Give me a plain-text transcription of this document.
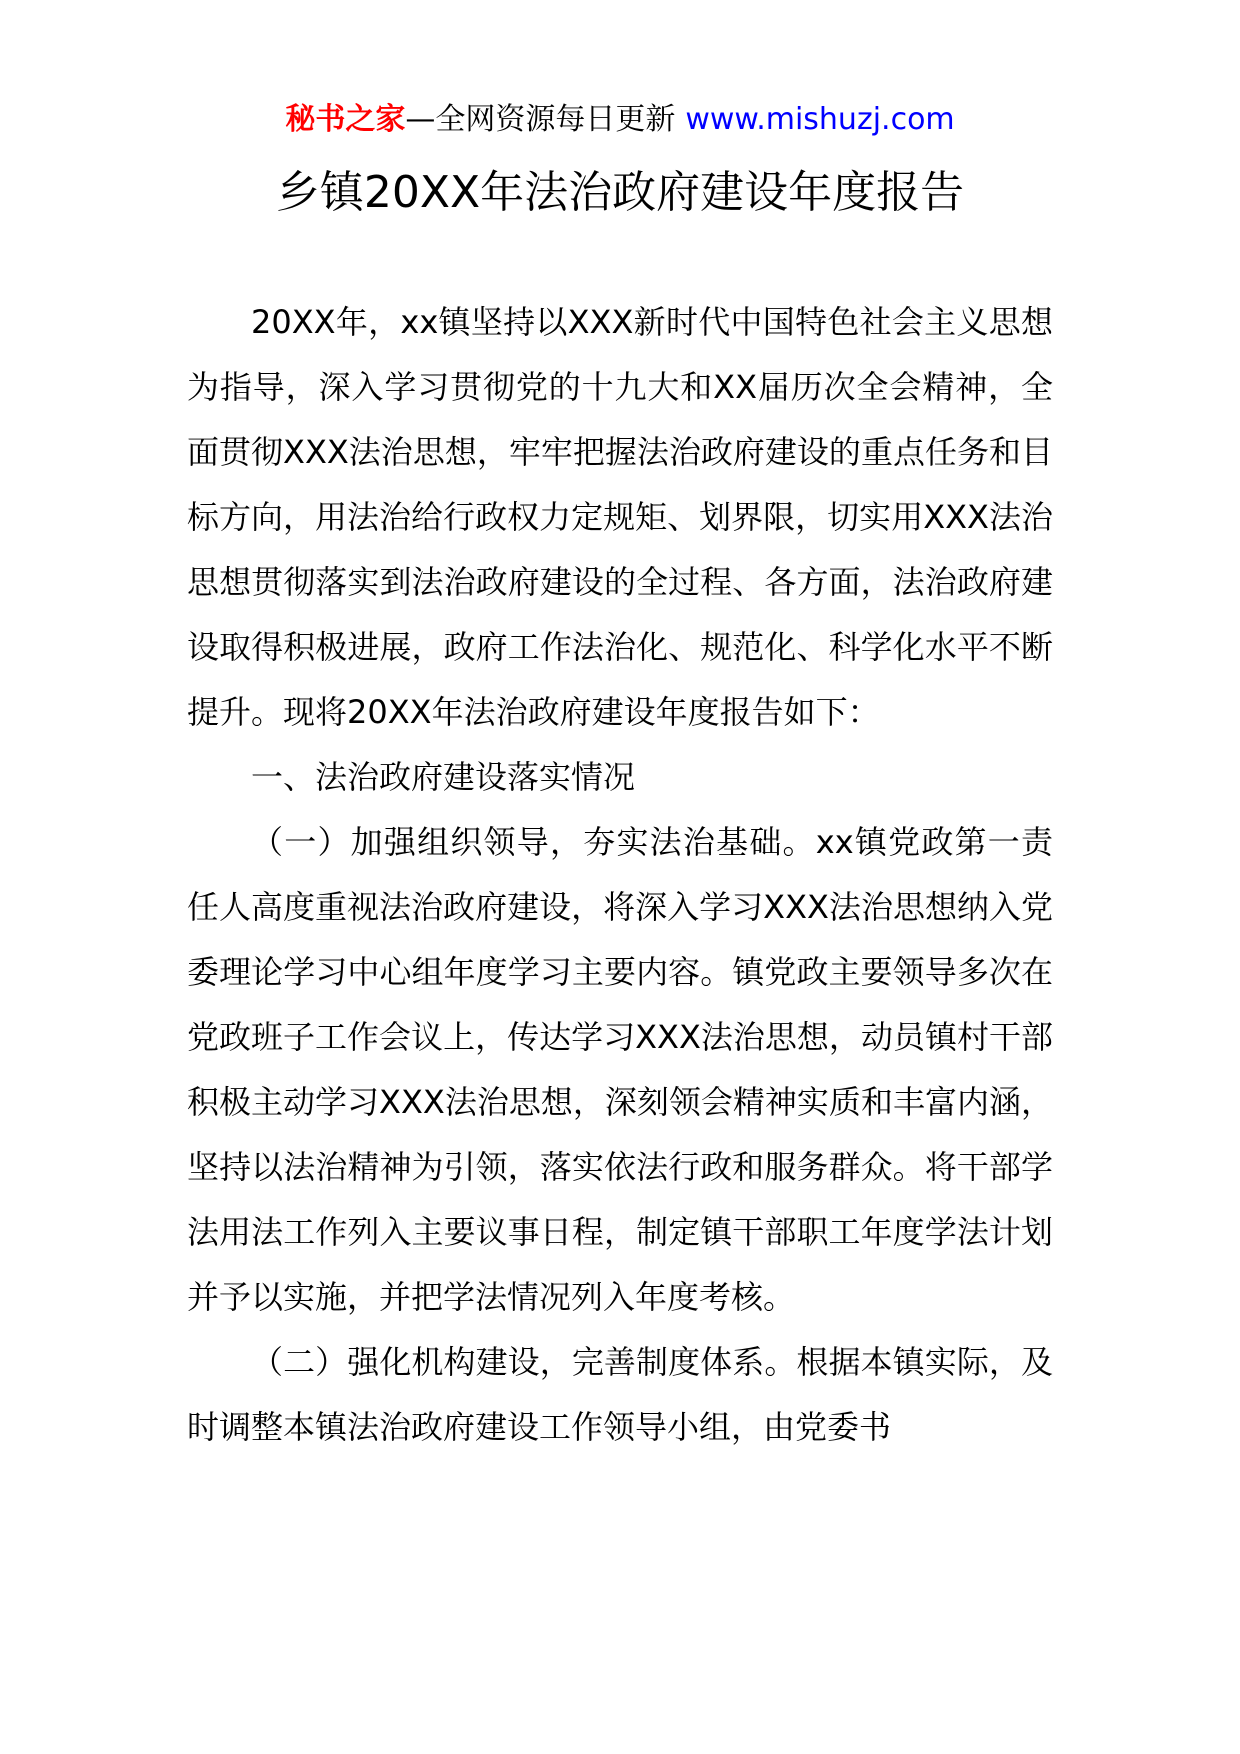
秘书之家—全网资源每日更新 www.mishuzj.com
乡镇20XX年法治政府建设年度报告

20XX年，xx镇坚持以XXX新时代中国特色社会主义思想为指导，深入学习贯彻党的十九大和XX届历次全会精神，全面贯彻XXX法治思想，牢牢把握法治政府建设的重点任务和目标方向，用法治给行政权力定规矩、划界限，切实用XXX法治思想贯彻落实到法治政府建设的全过程、各方面，法治政府建设取得积极进展，政府工作法治化、规范化、科学化水平不断提升。现将20XX年法治政府建设年度报告如下：

一、法治政府建设落实情况

（一）加强组织领导，夯实法治基础。xx镇党政第一责任人高度重视法治政府建设，将深入学习XXX法治思想纳入党委理论学习中心组年度学习主要内容。镇党政主要领导多次在党政班子工作会议上，传达学习XXX法治思想，动员镇村干部积极主动学习XXX法治思想，深刻领会精神实质和丰富内涵，坚持以法治精神为引领，落实依法行政和服务群众。将干部学法用法工作列入主要议事日程，制定镇干部职工年度学法计划并予以实施，并把学法情况列入年度考核。

（二）强化机构建设，完善制度体系。根据本镇实际，及时调整本镇法治政府建设工作领导小组，由党委书
